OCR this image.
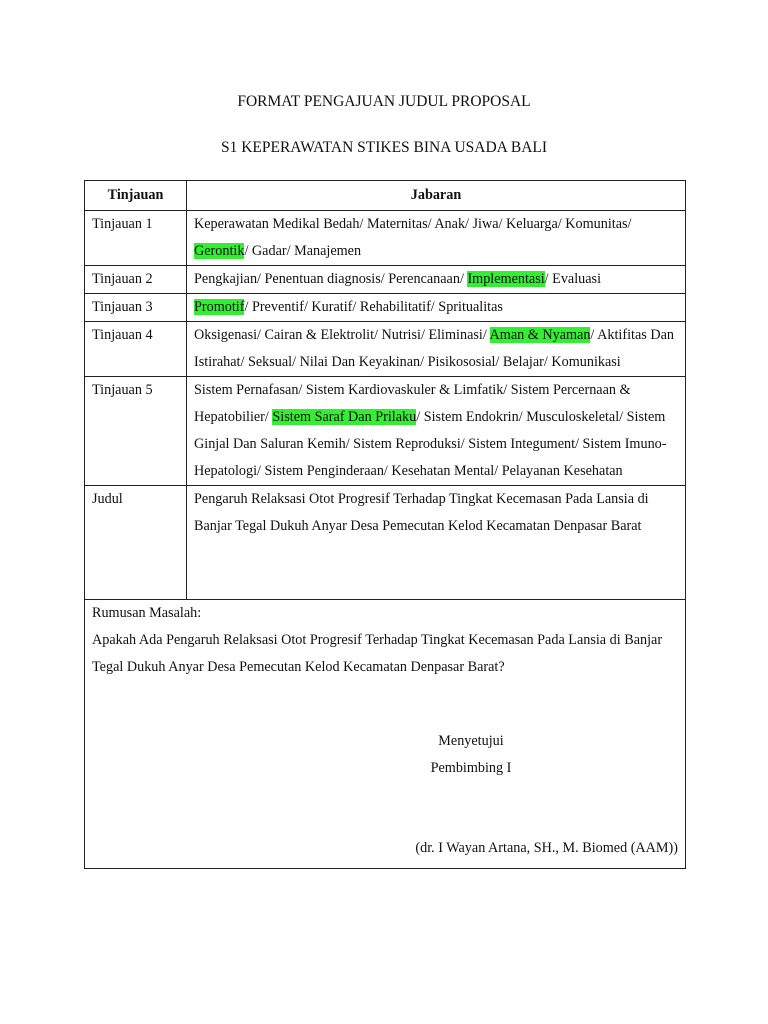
FORMAT PENGAJUAN JUDUL PROPOSAL
S1 KEPERAWATAN STIKES BINA USADA BALI
Tinjauan	Jabaran
Tinjauan 1	Keperawatan Medikal Bedah/ Maternitas/ Anak/ Jiwa/ Keluarga/ Komunitas/ Gerontik/ Gadar/ Manajemen
Tinjauan 2	Pengkajian/ Penentuan diagnosis/ Perencanaan/ Implementasi/ Evaluasi
Tinjauan 3	Promotif/ Preventif/ Kuratif/ Rehabilitatif/ Spritualitas
Tinjauan 4	Oksigenasi/ Cairan & Elektrolit/ Nutrisi/ Eliminasi/ Aman & Nyaman/ Aktifitas Dan Istirahat/ Seksual/ Nilai Dan Keyakinan/ Pisikososial/ Belajar/ Komunikasi
Tinjauan 5	Sistem Pernafasan/ Sistem Kardiovaskuler & Limfatik/ Sistem Percernaan & Hepatobilier/ Sistem Saraf Dan Prilaku/ Sistem Endokrin/ Musculoskeletal/ Sistem Ginjal Dan Saluran Kemih/ Sistem Reproduksi/ Sistem Integument/ Sistem Imuno-Hepatologi/ Sistem Penginderaan/ Kesehatan Mental/ Pelayanan Kesehatan
Judul	Pengaruh Relaksasi Otot Progresif Terhadap Tingkat Kecemasan Pada Lansia di Banjar Tegal Dukuh Anyar Desa Pemecutan Kelod Kecamatan Denpasar Barat

Rumusan Masalah:
Apakah Ada Pengaruh Relaksasi Otot Progresif Terhadap Tingkat Kecemasan Pada Lansia di Banjar Tegal Dukuh Anyar Desa Pemecutan Kelod Kecamatan Denpasar Barat?
Menyetujui
Pembimbing I
(dr. I Wayan Artana, SH., M. Biomed (AAM))	
